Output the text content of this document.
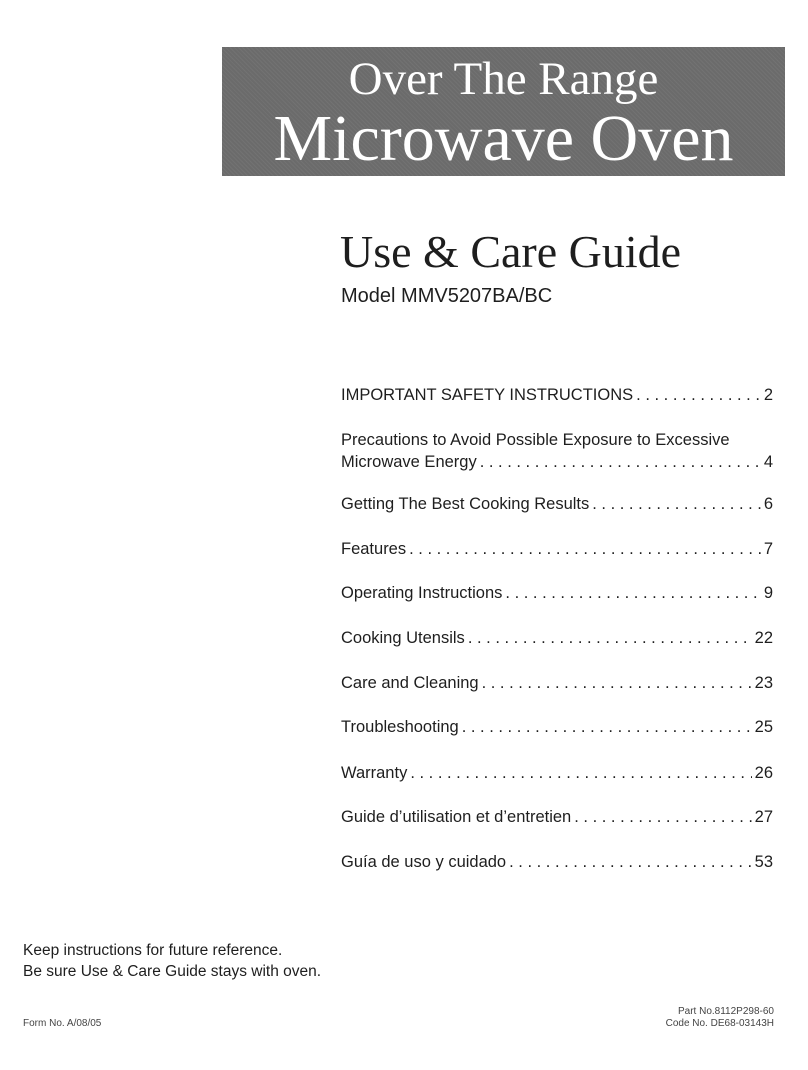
Over The Range
Microwave Oven
Use & Care Guide
Model MMV5207BA/BC
IMPORTANT SAFETY INSTRUCTIONS . . .	2
Precautions to Avoid Possible Exposure to Excessive
Microwave Energy . . .	4
Getting The Best Cooking Results . . .	6
Features . . .	7
Operating Instructions . . .	9
Cooking Utensils . . .	22
Care and Cleaning . . .	23
Troubleshooting . . .	25
Warranty . . .	26
Guide d’utilisation et d’entretien . . .	27
Guía de uso y cuidado . . .	53
Keep instructions for future reference.
Be sure Use & Care Guide stays with oven.
Form No. A/08/05
Part No.8112P298-60
Code No. DE68-03143H
